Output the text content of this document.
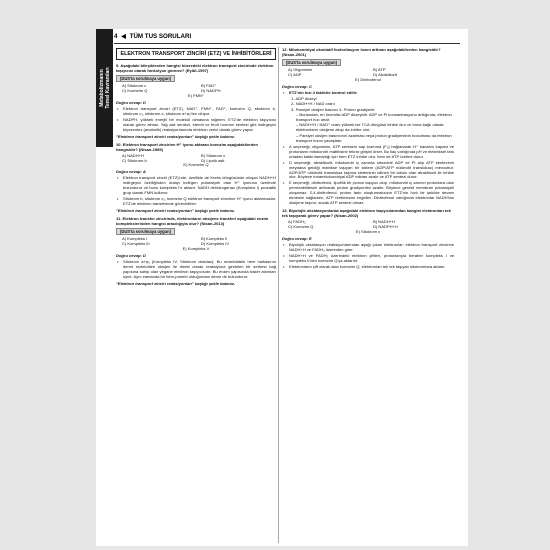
Metabolizmanın Temel Kavramları
4 ◀ TÜM TUS SORULARI
ELEKTRON TRANSPORT ZİNCİRİ (ETZ) VE İNHİBİTÖRLERİ
9. Aşağıdaki bileşiklerden hangisi hücredeki elektron transport zincirinde elektron taşıyıcısı olarak fonksiyon görmez? (Eylül-1997)
(DUS'ta sorulmaya uygun)
A) Sitokrom c	B) FAD⁺
C) Koenzim Q	D) NADPH
E) FMN⁺
Doğru cevap: D
• Elektron transport zinciri (ETZ), NAD⁺, FMN⁺, FAD⁺, koenzim Q, sitokrom b, sitokrom c₁, sitokrom c, sitokrom a+a₃'ten oluşur.
• NADPH, yüksek enerjili bir molekül olmasına rağmen, ETZ'de elektron taşıyıcısı olarak görev almaz. Yağ asit sentezi, steroit ve tiroit hormon sentezi gibi indirgeyici biyosentez (anabolik) reaksiyonlarında elektron verici olarak görev yapar.
"Elektron transport zinciri reaksiyonları" başlığı şekle bakınız.
10. Elektron transport zincirine H⁺ iyonu aktaran koenzim aşağıdakilerden hangisidir? (Nisan-1989)
A) NADH+H	B) Sitokrom c
C) Sitokrom b	D) Lipoik asit
E) Koenzim Q
Doğru cevap: A
• Elektron transport zinciri (ETZ)'nde, özellikle de Krebs döngüsünde oluşan NADH+H indirgeyici özelliğinden dolayı indirgen potansiyeli olan H⁺ iyonunu üzerinde bulundurur ve bunu kompleks I'e aktarır. NADH dehidrogenaz (Kompleks I) prostatik grup olarak FMN kullanır.
• Sitokrom b, sitokrom c₁, koenzim Q elektron transport zincirine H⁺ iyonu aktarmazlar. ETZ'de elektron transferinde görevlidirler.
"Elektron transport zinciri reaksiyonları" başlığı şekle bakınız.
11. Elektron transfer zincirinde, elektronların oksijene transferi aşağıdaki enzim komplekslerinden hangisi aracılığıyla olur? (Nisan-2013)
(DUS'ta sorulmaya uygun)
A) Kompleks I	B) Kompleks II
C) Kompleks III	D) Kompleks IV
E) Kompleks V
Doğru cevap: D
• Sitokrom a+a₃ (Kompleks IV, Sitokrom oksidaz); Bu moleküldeki hem halkasının demir molekülleri oksijen ile direkt olarak reaksiyona girebilen bir serbest bağ yapısına sahip olan yegane elektron taşıyıcısıdır. Bu enzim yapısında baker atomları içerir. Aynı zamanda bir hem-protein olduğundan demir de bulundurur.
"Elektron transport zinciri reaksiyonları" başlığı şekle bakınız.
12. Mitokondriyal oksidatif fosforilasyon hızını arttıran aşağıdakilerden hangisidir? (Nisan-2001)
(DUS'ta sorulmaya uygun)
A) Oligomisin	B) ATP
C) ADP	D) Atraktilozit
E) Dinitrofenol
Doğru cevap: C
• ETZ'nin hızı 4 faktörle kontrol edilir:
1- ADP düzeyi
2- NADH+H / NAD oranı
3- Parsiyel oksijen basıncı 4- Proton gradiyenti
– Bunlardan, en önemlisi ADP düzeyidir. ADP ve Pi konsantrasyonu arttığında, elektron transport hızı artar.
– NADH+H / NAD⁺ oranı yüksek ise TCA döngüsü inhibe olur ve buna bağlı olarak elektronların oksijene akışı da inhibe olur.
– Parsiyel oksijen basıncının azalması veya proton gradiyentinin bozulması da elektron transport hızını yavaşlatır.
• A seçeneği; oligomisin, ATP sentazın sap kısmına (F₀) bağlanarak H⁺ kanalını kapatır ve protonların mitokondri matriksine tekrar girişini önler. Bu ilaç varlığında pH ve elektriksel fark ortadan kaldırılamadığı için hem ETZ inhibe olur, hem de ATP üretimi durur.
• D seçeneği; atraktilozit, mitokondri iç zarında sitozolde ADP ve Pi alıp ATP sentezinin meydana geldiği matrikse taşıyan bir sistem (ADP/ATP nükleotit translokaz) mevcuttur. ADP/ATP nükleotit translokaz taşıma sisteminin bilinen bir toksin olan atraktilozit ile inhibe olur. Böylece intramitokondriyal ADP miktarı azalır ve ATP sentezi durur.
• E seçeneği; dinitrofenol, lipofilik bir proton taşıyıcı olup, mitokondri iç zarının protonlara olan permeabilitesini arttırarak proton gradiyentini azaltır. Böylece gerekli membran potansiyeli oluşamaz. 2,4-dinitrofenol, proton farkı oluşturmaksızın ETZ'nin hızlı bir şekilde devam etmesini sağlarken, ATP üretimesini engeller. Dinitrofenol varlığında elektronlar NADH'tan oksijene taşınır, ancak ATP sentezi olmaz.
13. Biyolojik oksidasyonlarda aşağıdaki elektron taşıyıcılarından hangisi elektronları tek tek taşıyarak görev yapar? (Nisan-2002)
A) FADH₂	B) NADH+H
C) Koenzim Q	D) NADPH+H
E) Sitokrom c
Doğru cevap: E
• Biyolojik oksidasyon reaksiyonlarından aşağı çıkan elektronlar; elektron transport zincirine NADH+H ve FADH₂ üzerinden girer.
• NADH+H ve FADH₂ üzerindeki elektron çiftleri, protonlarıyla beraber kompleks I ve kompleks II'den koenzim Q'ya aktarılır.
• Elektronların çift olarak alan koenzim Q, elektronları tek tek taşıyan sitokromlara aktarır.
